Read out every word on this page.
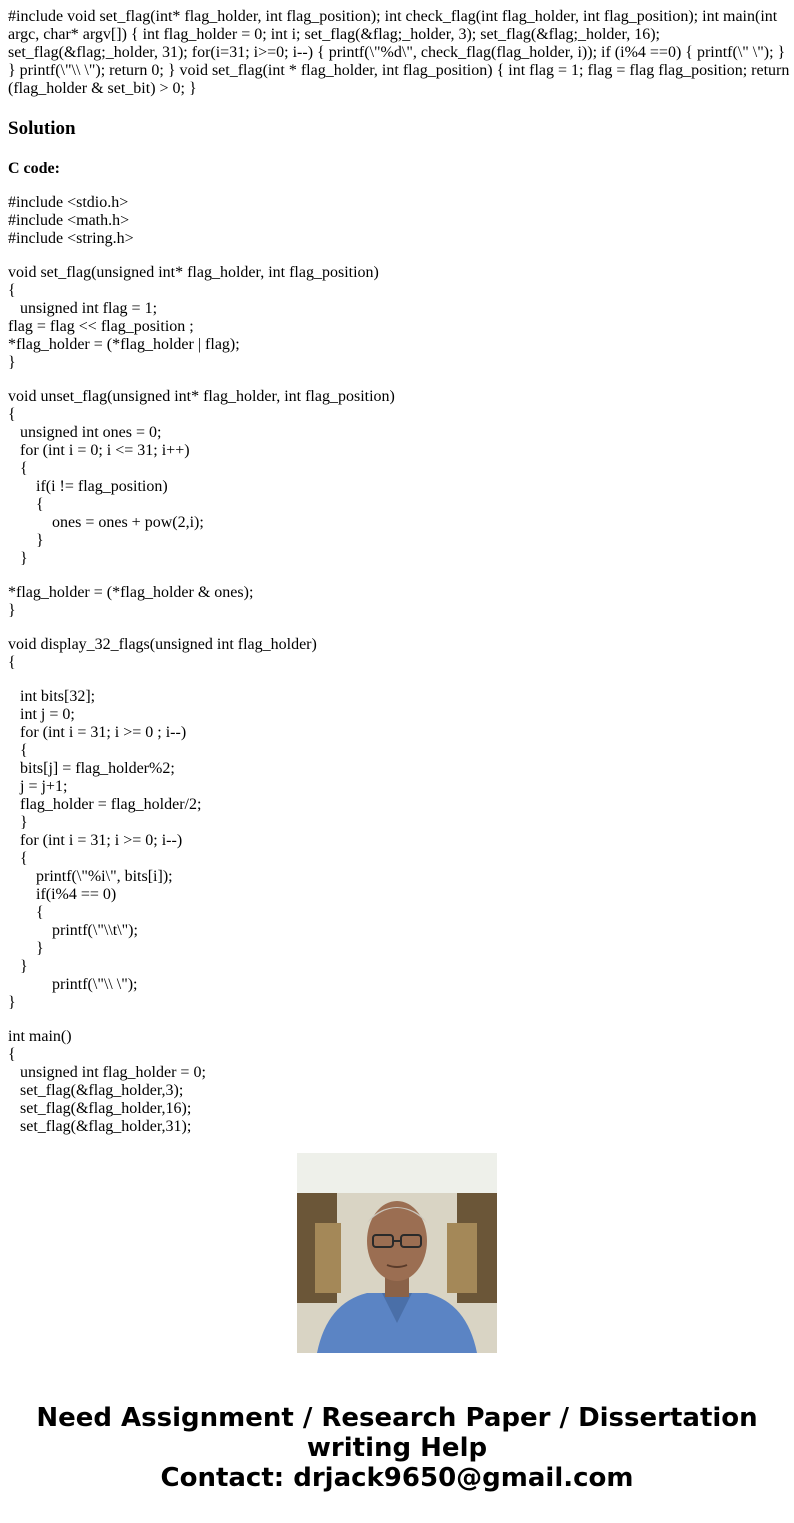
#include void set_flag(int* flag_holder, int flag_position); int check_flag(int flag_holder, int flag_position); int main(int argc, char* argv[]) { int flag_holder = 0; int i; set_flag(&flag;_holder, 3); set_flag(&flag;_holder, 16); set_flag(&flag;_holder, 31); for(i=31; i>=0; i--) { printf(\"%d\", check_flag(flag_holder, i)); if (i%4 ==0) { printf(\" \"); } } printf(\"\\ \"); return 0; } void set_flag(int * flag_holder, int flag_position) { int flag = 1; flag = flag flag_position; return (flag_holder & set_bit) > 0; }

Solution
C code:
#include <stdio.h>
#include <math.h>
#include <string.h>
void set_flag(unsigned int* flag_holder, int flag_position)
{
unsigned int flag = 1;
flag = flag << flag_position ;
*flag_holder = (*flag_holder | flag);
}
void unset_flag(unsigned int* flag_holder, int flag_position)
{
unsigned int ones = 0;
for (int i = 0; i <= 31; i++)
{
if(i != flag_position)
{
ones = ones + pow(2,i);
}
}
*flag_holder = (*flag_holder & ones);
}
void display_32_flags(unsigned int flag_holder)
{
int bits[32];
int j = 0;
for (int i = 31; i >= 0 ; i--)
{
bits[j] = flag_holder%2;
j = j+1;
flag_holder = flag_holder/2;
}
for (int i = 31; i >= 0; i--)
{
printf(\"%i\", bits[i]);
if(i%4 == 0)
{
printf(\"\\t\");
}
}
printf(\"\\ \");
}
int main()
{
unsigned int flag_holder = 0;
set_flag(&flag_holder,3);
set_flag(&flag_holder,16);
set_flag(&flag_holder,31);
Need Assignment / Research Paper / Dissertation
writing Help
Contact: drjack9650@gmail.com
